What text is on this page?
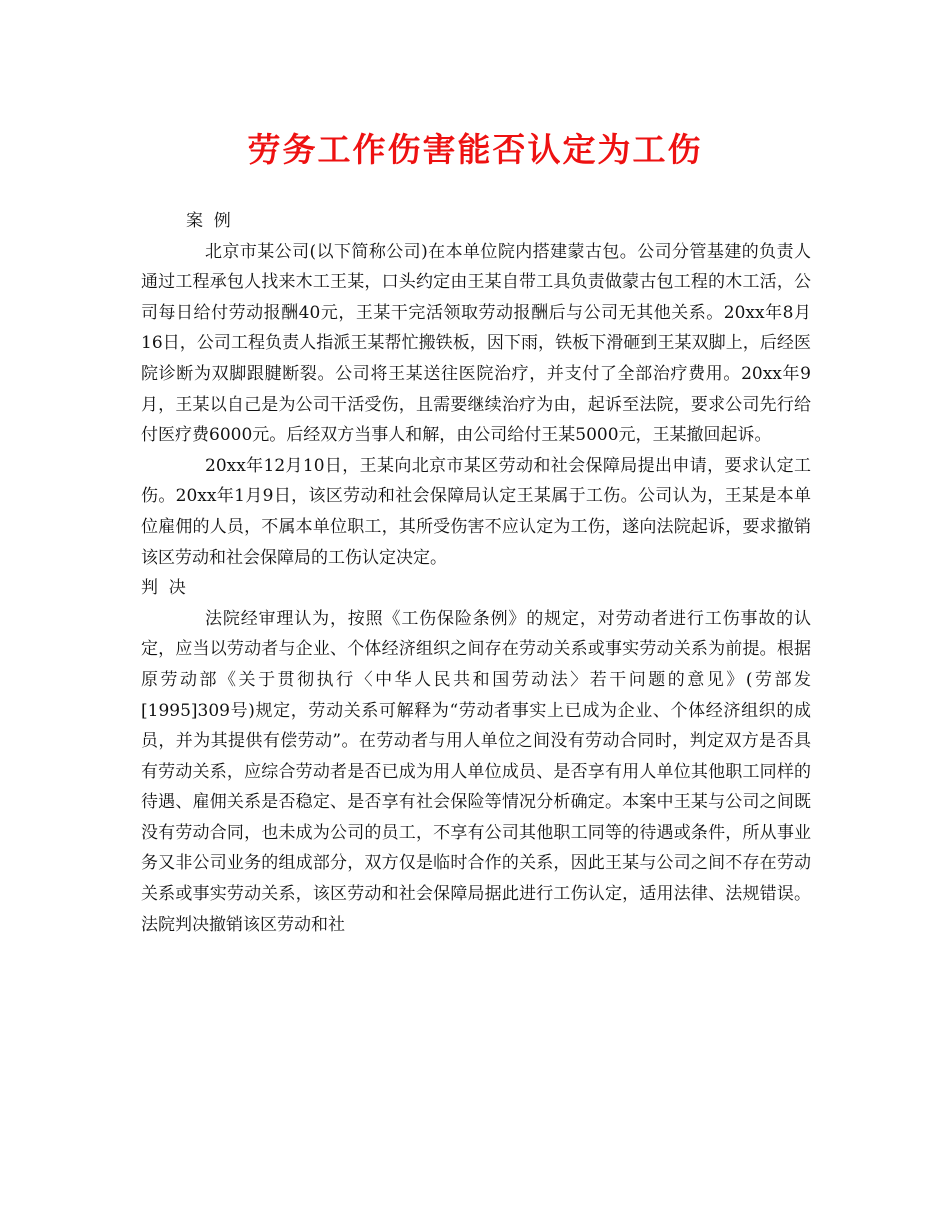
劳务工作伤害能否认定为工伤

案  例

北京市某公司(以下简称公司)在本单位院内搭建蒙古包。公司分管基建的负责人通过工程承包人找来木工王某，口头约定由王某自带工具负责做蒙古包工程的木工活，公司每日给付劳动报酬40元，王某干完活领取劳动报酬后与公司无其他关系。20xx年8月16日，公司工程负责人指派王某帮忙搬铁板，因下雨，铁板下滑砸到王某双脚上，后经医院诊断为双脚跟腱断裂。公司将王某送往医院治疗，并支付了全部治疗费用。20xx年9月，王某以自己是为公司干活受伤，且需要继续治疗为由，起诉至法院，要求公司先行给付医疗费6000元。后经双方当事人和解，由公司给付王某5000元，王某撤回起诉。

20xx年12月10日，王某向北京市某区劳动和社会保障局提出申请，要求认定工伤。20xx年1月9日，该区劳动和社会保障局认定王某属于工伤。公司认为，王某是本单位雇佣的人员，不属本单位职工，其所受伤害不应认定为工伤，遂向法院起诉，要求撤销该区劳动和社会保障局的工伤认定决定。

判  决

法院经审理认为，按照《工伤保险条例》的规定，对劳动者进行工伤事故的认定，应当以劳动者与企业、个体经济组织之间存在劳动关系或事实劳动关系为前提。根据原劳动部《关于贯彻执行〈中华人民共和国劳动法〉若干问题的意见》(劳部发[1995]309号)规定，劳动关系可解释为“劳动者事实上已成为企业、个体经济组织的成员，并为其提供有偿劳动”。在劳动者与用人单位之间没有劳动合同时，判定双方是否具有劳动关系，应综合劳动者是否已成为用人单位成员、是否享有用人单位其他职工同样的待遇、雇佣关系是否稳定、是否享有社会保险等情况分析确定。本案中王某与公司之间既没有劳动合同，也未成为公司的员工，不享有公司其他职工同等的待遇或条件，所从事业务又非公司业务的组成部分，双方仅是临时合作的关系，因此王某与公司之间不存在劳动关系或事实劳动关系，该区劳动和社会保障局据此进行工伤认定，适用法律、法规错误。法院判决撤销该区劳动和社
